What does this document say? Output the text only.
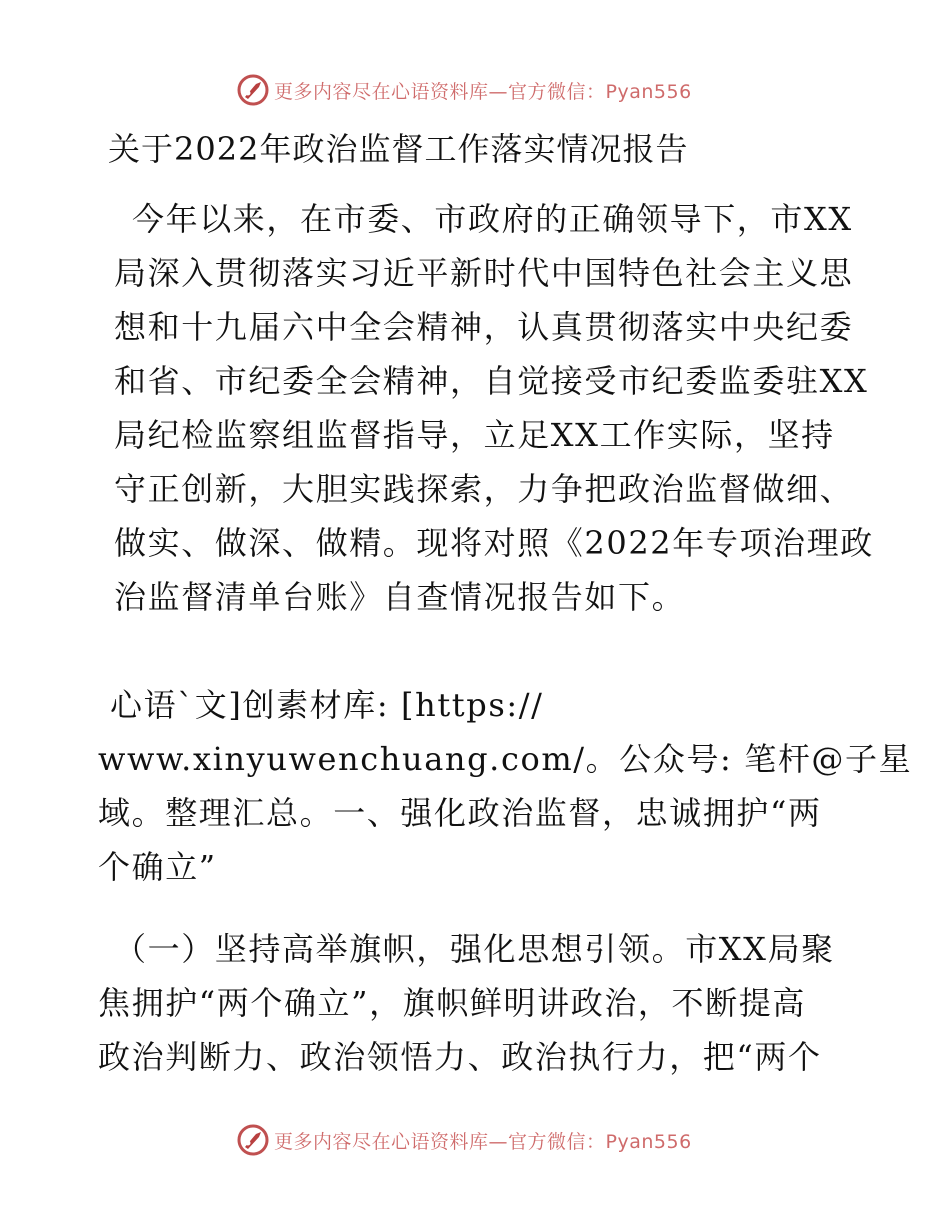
更多内容尽在心语资料库—官方微信：Pyan556
关于2022年政治监督工作落实情况报告
今年以来，在市委、市政府的正确领导下，市XX
局深入贯彻落实习近平新时代中国特色社会主义思
想和十九届六中全会精神，认真贯彻落实中央纪委
和省、市纪委全会精神，自觉接受市纪委监委驻XX
局纪检监察组监督指导，立足XX工作实际，坚持
守正创新，大胆实践探索，力争把政治监督做细、
做实、做深、做精。现将对照《2022年专项治理政
治监督清单台账》自查情况报告如下。
心语`文]创素材库: [https://
www.xinyuwenchuang.com/。公众号: 笔杆@子星
域。整理汇总。一、强化政治监督，忠诚拥护“两
个确立”
（一）坚持高举旗帜，强化思想引领。市XX局聚
焦拥护“两个确立”，旗帜鲜明讲政治，不断提高
政治判断力、政治领悟力、政治执行力，把“两个
更多内容尽在心语资料库—官方微信：Pyan556
